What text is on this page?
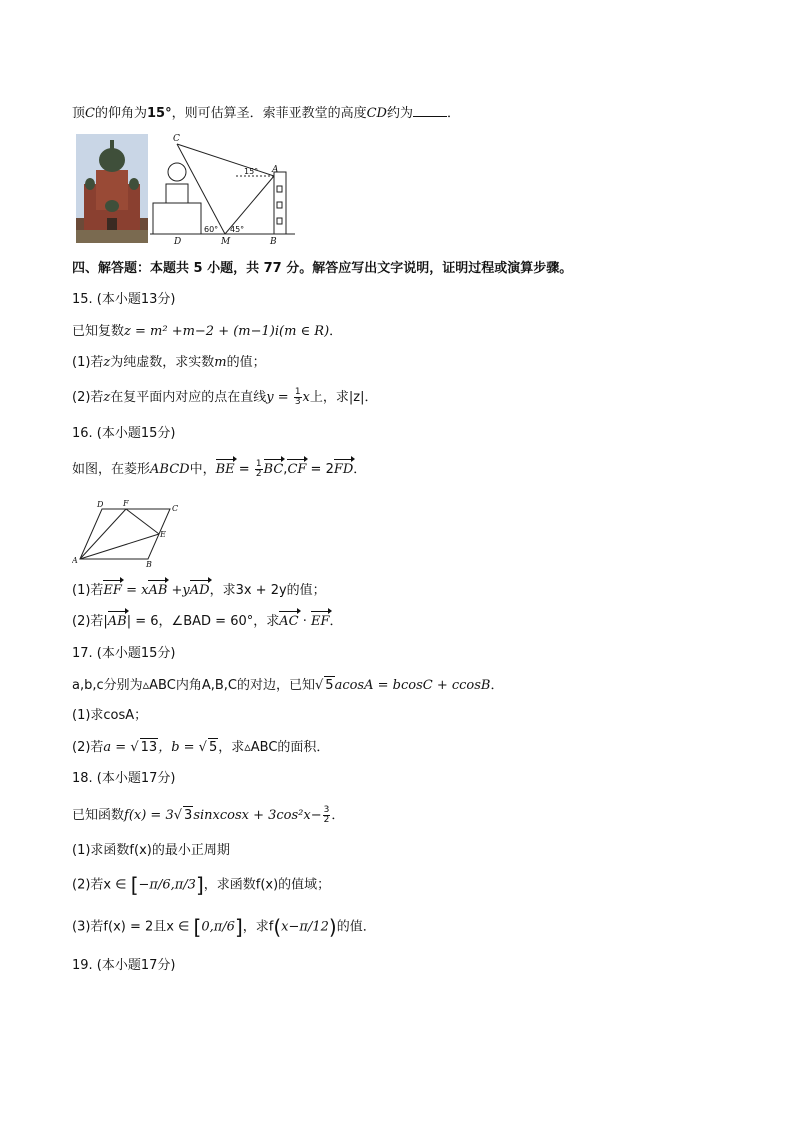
顶C的仰角为15°，则可估算圣．索菲亚教堂的高度CD约为	．
C
A
B
D	M
15°
60° 45°
四、解答题：本题共 5 小题，共 77 分。解答应写出文字说明，证明过程或演算步骤。
15. (本小题13分)
已知复数z = m² +m−2 + (m−1)i(m ∈ R)．
(1)若z为纯虚数，求实数m的值；
(2)若z在复平面内对应的点在直线$y = \frac{1}{3}$ x上，求|z|．
16. (本小题15分)
如图，在菱形ABCD中，BE = $\frac{1}{2} BC,CF = 2FD$．
D F
C
E
A	B
(1)若EF = xAB +yAD，求3x + 2y的值；
(2)若|AB| = 6，∠BAD = 60°，求AC · EF．
17. (本小题15分)
a,b,c分别为▵ABC内角A,B,C的对边，已知√ 5acosA = bcosC + ccosB．
(1)求cosA；
(2)若a = √ 13，b = √ 5，求▵ABC的面积．
18. (本小题17分)
已知函数f(x) = 3√ 3sinxcosx + $3\cos^2x- \frac{3}{2}$ ．
(1)求函数f(x)的最小正周期
(2)若x ∈ [−π/6,π/3]，求函数f(x)的值域；
(3)若f(x) = 2且x ∈ [0,π/6]，求f(x−π/12)的值．
19. (本小题17分)
